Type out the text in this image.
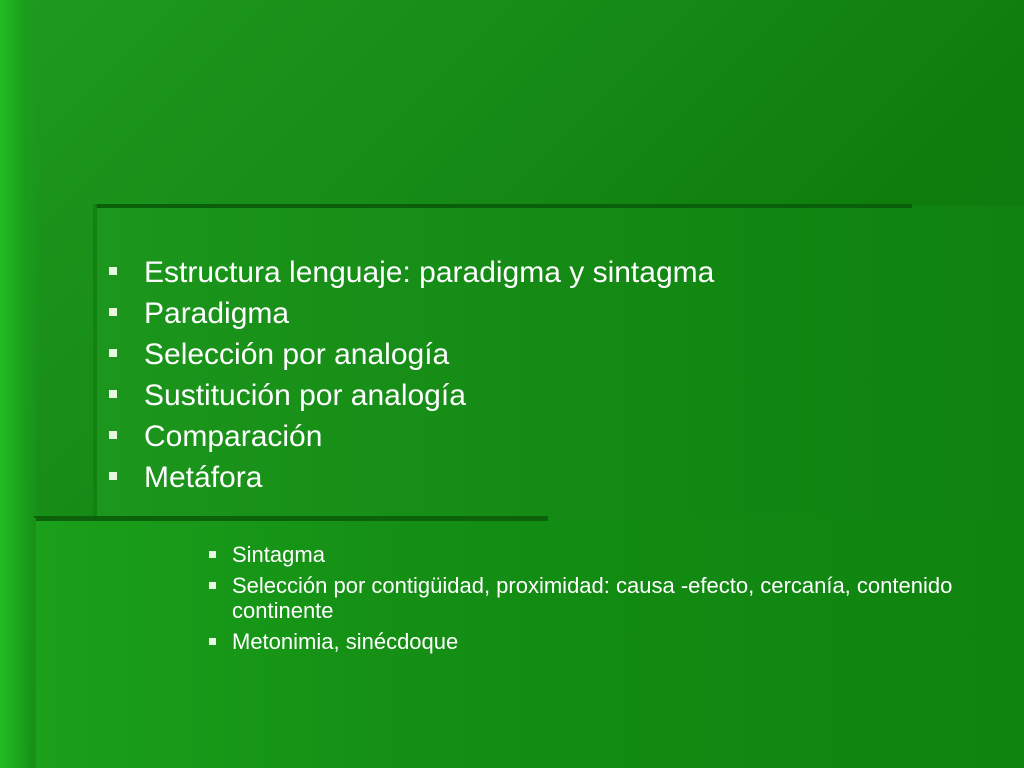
Estructura lenguaje: paradigma y sintagma
Paradigma
Selección por analogía
Sustitución por analogía
Comparación
Metáfora
Sintagma
Selección por contigüidad, proximidad: causa -efecto, cercanía, contenido continente
Metonimia, sinécdoque
